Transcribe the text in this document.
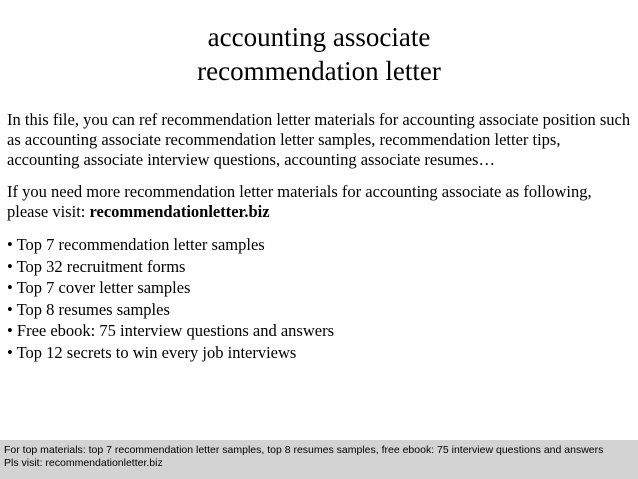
accounting associate
recommendation letter

In this file, you can ref recommendation letter materials for accounting associate position such as accounting associate recommendation letter samples, recommendation letter tips, accounting associate interview questions, accounting associate resumes…

If you need more recommendation letter materials for accounting associate as following, please visit: recommendationletter.biz

• Top 7 recommendation letter samples
• Top 32 recruitment forms
• Top 7 cover letter samples
• Top 8 resumes samples
• Free ebook: 75 interview questions and answers
• Top 12 secrets to win every job interviews
For top materials: top 7 recommendation letter samples, top 8 resumes samples, free ebook: 75 interview questions and answers
Pls visit: recommendationletter.biz
